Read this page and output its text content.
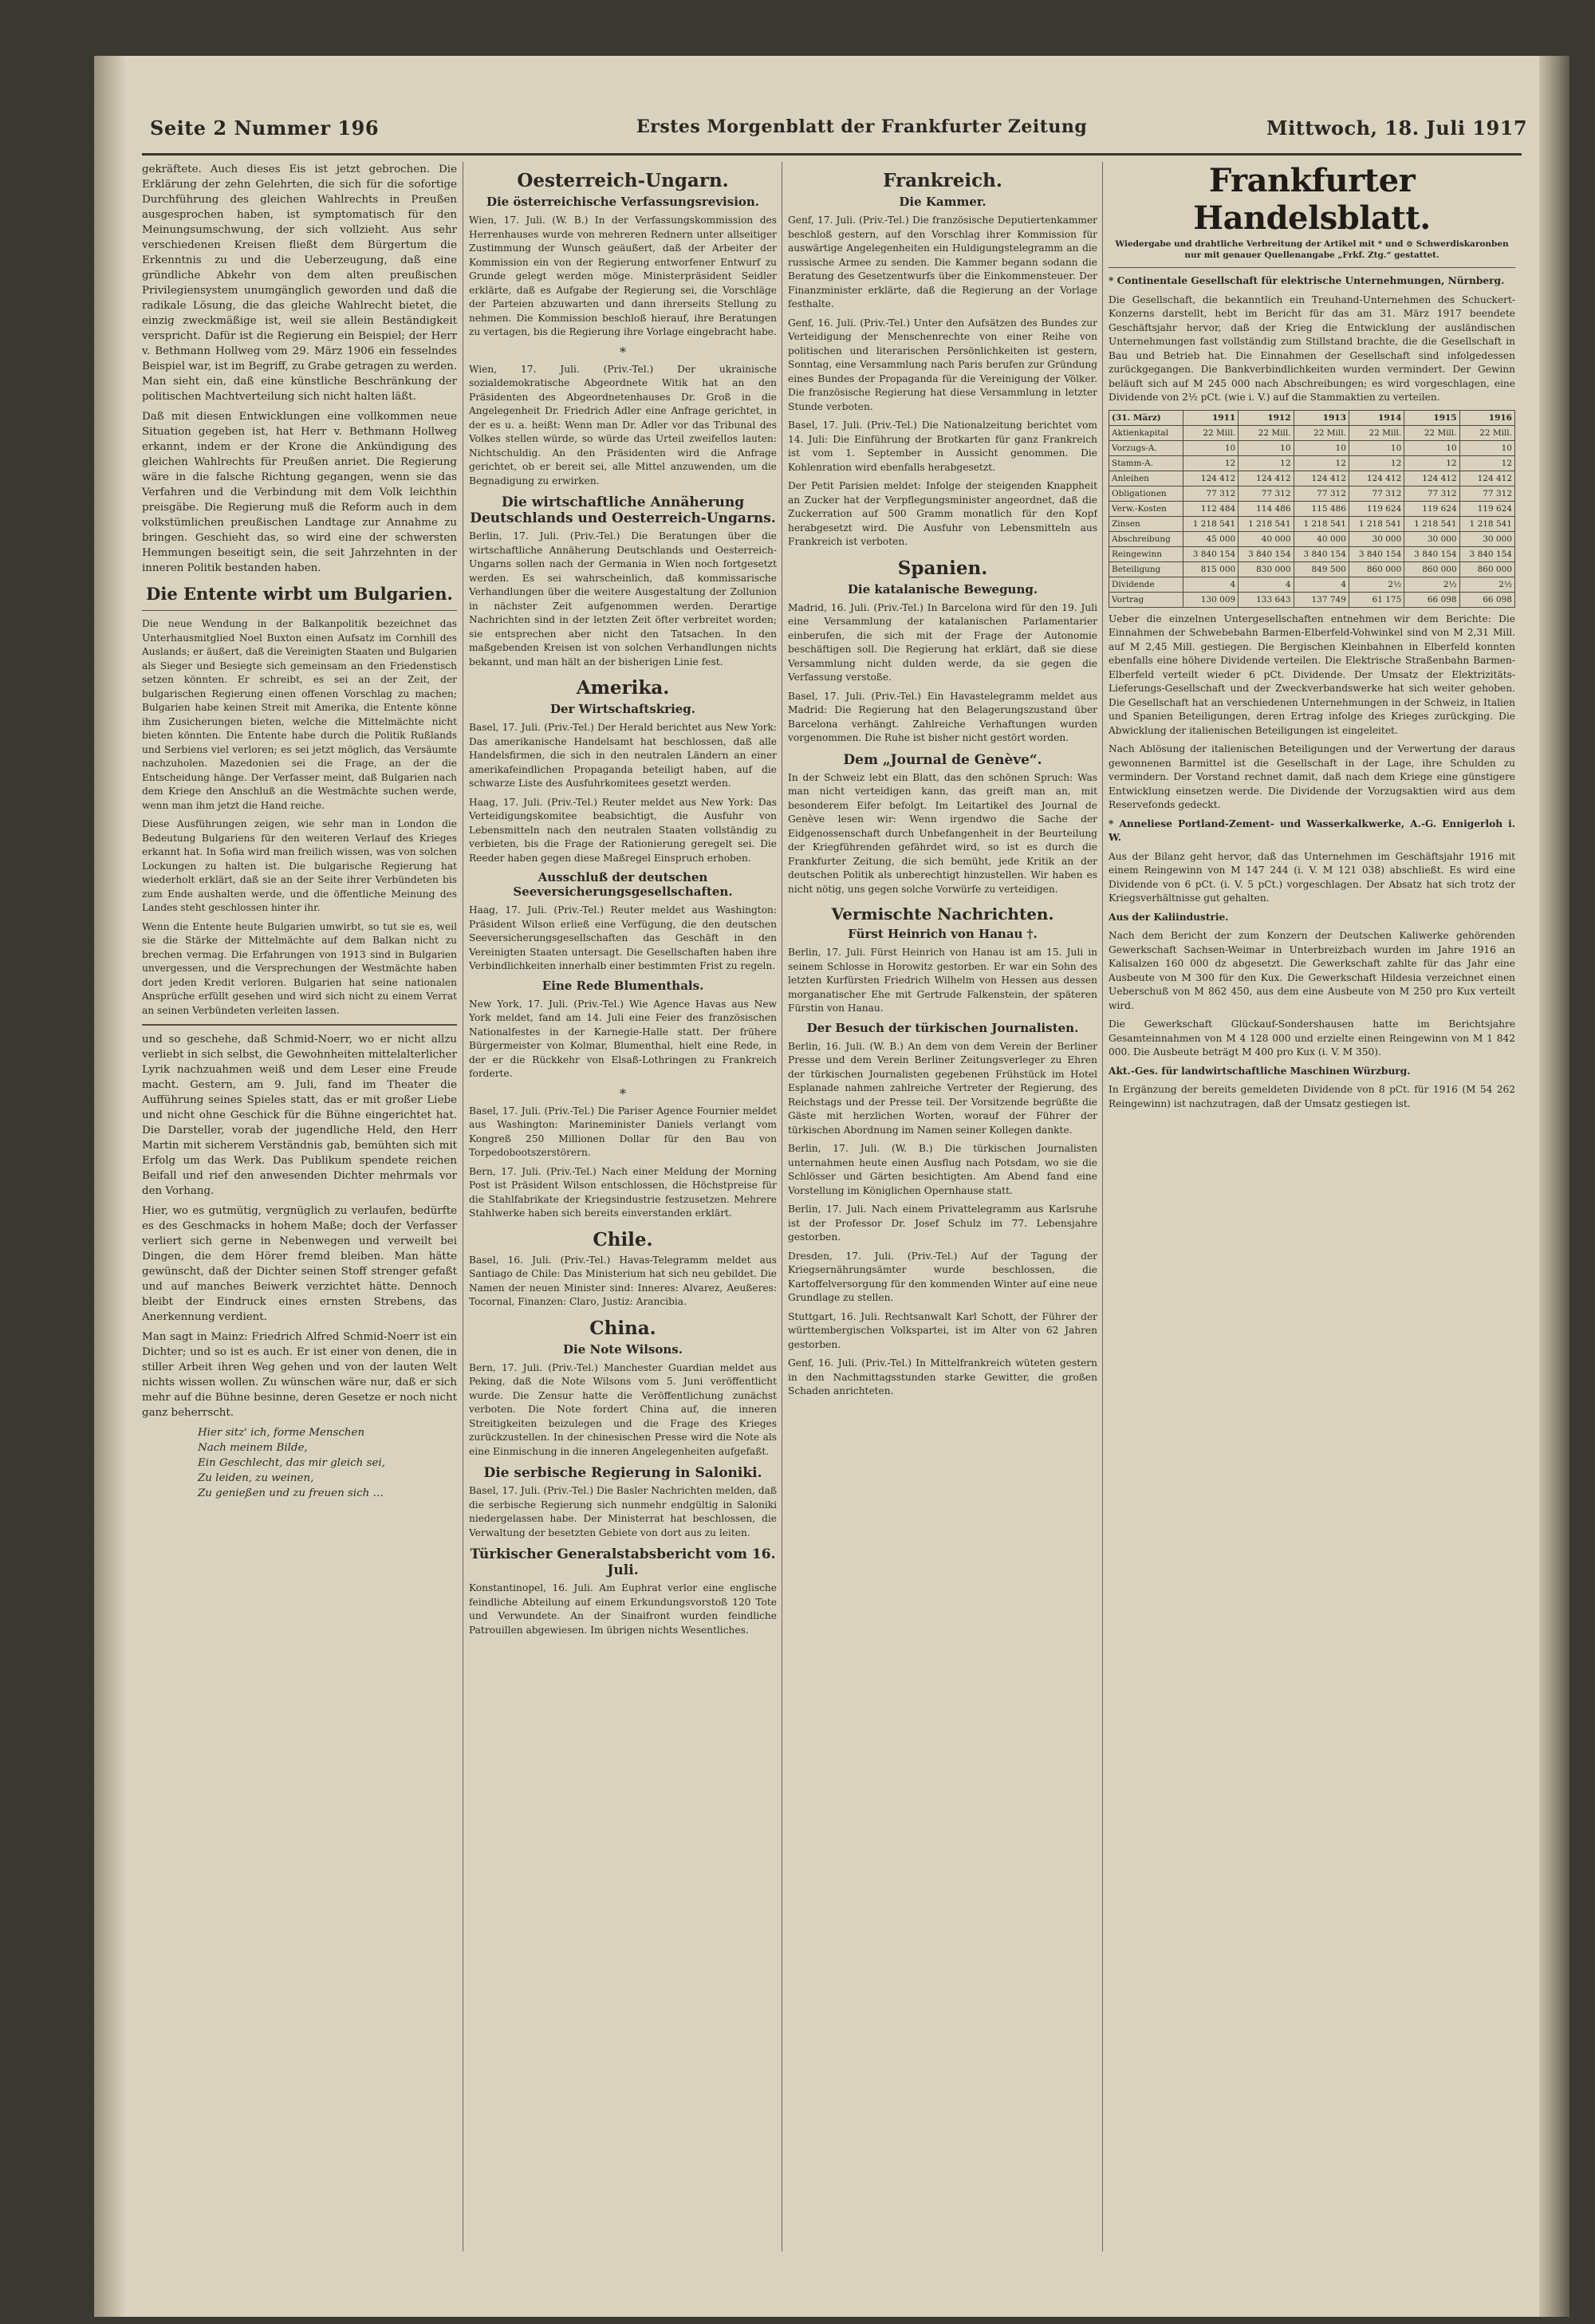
Seite 2 Nummer 196	Erstes Morgenblatt der Frankfurter Zeitung	Mittwoch, 18. Juli 1917

gekräftete. Auch dieses Eis ist jetzt gebrochen. Die Erklärung der zehn Gelehrten, die sich für die sofortige Durchführung des gleichen Wahlrechts in Preußen ausgesprochen haben, ist symptomatisch für den Meinungsumschwung, der sich vollzieht. Aus sehr verschiedenen Kreisen fließt dem Bürgertum die Erkenntnis zu und die Ueberzeugung, daß eine gründliche Abkehr von dem alten preußischen Privilegiensystem unumgänglich geworden und daß die radikale Lösung, die das gleiche Wahlrecht bietet, die einzig zweckmäßige ist, weil sie allein Beständigkeit verspricht. Dafür ist die Regierung ein Beispiel; der Herr v. Bethmann Hollweg vom 29. März 1906 ein fesselndes Beispiel war, ist im Begriff, zu Grabe getragen zu werden. Man sieht ein, daß eine künstliche Beschränkung der politischen Machtverteilung sich nicht halten läßt.

Daß mit diesen Entwicklungen eine vollkommen neue Situation gegeben ist, hat Herr v. Bethmann Hollweg erkannt, indem er der Krone die Ankündigung des gleichen Wahlrechts für Preußen anriet. Die Regierung wäre in die falsche Richtung gegangen, wenn sie das Verfahren und die Verbindung mit dem Volk leichthin preisgäbe. Die Regierung muß die Reform auch in dem volkstümlichen preußischen Landtage zur Annahme zu bringen. Geschieht das, so wird eine der schwersten Hemmungen beseitigt sein, die seit Jahrzehnten in der inneren Politik bestanden haben.

Die Entente wirbt um Bulgarien.

Die neue Wendung in der Balkanpolitik bezeichnet das Unterhausmitglied Noel Buxton einen Aufsatz im Cornhill des Auslands; er äußert, daß die Vereinigten Staaten und Bulgarien als Sieger und Besiegte sich gemeinsam an den Friedenstisch setzen könnten. Er schreibt, es sei an der Zeit, der bulgarischen Regierung einen offenen Vorschlag zu machen; Bulgarien habe keinen Streit mit Amerika, die Entente könne ihm Zusicherungen bieten, welche die Mittelmächte nicht bieten könnten. Die Entente habe durch die Politik Rußlands und Serbiens viel verloren; es sei jetzt möglich, das Versäumte nachzuholen. Mazedonien sei die Frage, an der die Entscheidung hänge. Der Verfasser meint, daß Bulgarien nach dem Kriege den Anschluß an die Westmächte suchen werde, wenn man ihm jetzt die Hand reiche.

Diese Ausführungen zeigen, wie sehr man in London die Bedeutung Bulgariens für den weiteren Verlauf des Krieges erkannt hat. In Sofia wird man freilich wissen, was von solchen Lockungen zu halten ist. Die bulgarische Regierung hat wiederholt erklärt, daß sie an der Seite ihrer Verbündeten bis zum Ende aushalten werde, und die öffentliche Meinung des Landes steht geschlossen hinter ihr.

Wenn die Entente heute Bulgarien umwirbt, so tut sie es, weil sie die Stärke der Mittelmächte auf dem Balkan nicht zu brechen vermag. Die Erfahrungen von 1913 sind in Bulgarien unvergessen, und die Versprechungen der Westmächte haben dort jeden Kredit verloren. Bulgarien hat seine nationalen Ansprüche erfüllt gesehen und wird sich nicht zu einem Verrat an seinen Verbündeten verleiten lassen.

und so geschehe, daß Schmid-Noerr, wo er nicht allzu verliebt in sich selbst, die Gewohnheiten mittelalterlicher Lyrik nachzuahmen weiß und dem Leser eine Freude macht. Gestern, am 9. Juli, fand im Theater die Aufführung seines Spieles statt, das er mit großer Liebe und nicht ohne Geschick für die Bühne eingerichtet hat. Die Darsteller, vorab der jugendliche Held, den Herr Martin mit sicherem Verständnis gab, bemühten sich mit Erfolg um das Werk. Das Publikum spendete reichen Beifall und rief den anwesenden Dichter mehrmals vor den Vorhang.

Hier, wo es gutmütig, vergnüglich zu verlaufen, bedürfte es des Geschmacks in hohem Maße; doch der Verfasser verliert sich gerne in Nebenwegen und verweilt bei Dingen, die dem Hörer fremd bleiben. Man hätte gewünscht, daß der Dichter seinen Stoff strenger gefaßt und auf manches Beiwerk verzichtet hätte. Dennoch bleibt der Eindruck eines ernsten Strebens, das Anerkennung verdient.

Man sagt in Mainz: Friedrich Alfred Schmid-Noerr ist ein Dichter; und so ist es auch. Er ist einer von denen, die in stiller Arbeit ihren Weg gehen und von der lauten Welt nichts wissen wollen. Zu wünschen wäre nur, daß er sich mehr auf die Bühne besinne, deren Gesetze er noch nicht ganz beherrscht.

Hier sitz' ich, forme Menschen
Nach meinem Bilde,
Ein Geschlecht, das mir gleich sei,
Zu leiden, zu weinen,
Zu genießen und zu freuen sich …
Oesterreich-Ungarn.
Die österreichische Verfassungsrevision.

Wien, 17. Juli. (W. B.) In der Verfassungskommission des Herrenhauses wurde von mehreren Rednern unter allseitiger Zustimmung der Wunsch geäußert, daß der Arbeiter der Kommission ein von der Regierung entworfener Entwurf zu Grunde gelegt werden möge. Ministerpräsident Seidler erklärte, daß es Aufgabe der Regierung sei, die Vorschläge der Parteien abzuwarten und dann ihrerseits Stellung zu nehmen. Die Kommission beschloß hierauf, ihre Beratungen zu vertagen, bis die Regierung ihre Vorlage eingebracht habe.

*

Wien, 17. Juli. (Priv.-Tel.) Der ukrainische sozialdemokratische Abgeordnete Witik hat an den Präsidenten des Abgeordnetenhauses Dr. Groß in die Angelegenheit Dr. Friedrich Adler eine Anfrage gerichtet, in der es u. a. heißt: Wenn man Dr. Adler vor das Tribunal des Volkes stellen würde, so würde das Urteil zweifellos lauten: Nichtschuldig. An den Präsidenten wird die Anfrage gerichtet, ob er bereit sei, alle Mittel anzuwenden, um die Begnadigung zu erwirken.

Die wirtschaftliche Annäherung Deutschlands und Oesterreich-Ungarns.

Berlin, 17. Juli. (Priv.-Tel.) Die Beratungen über die wirtschaftliche Annäherung Deutschlands und Oesterreich-Ungarns sollen nach der Germania in Wien noch fortgesetzt werden. Es sei wahrscheinlich, daß kommissarische Verhandlungen über die weitere Ausgestaltung der Zollunion in nächster Zeit aufgenommen werden. Derartige Nachrichten sind in der letzten Zeit öfter verbreitet worden; sie entsprechen aber nicht den Tatsachen. In den maßgebenden Kreisen ist von solchen Verhandlungen nichts bekannt, und man hält an der bisherigen Linie fest.

Amerika.
Der Wirtschaftskrieg.

Basel, 17. Juli. (Priv.-Tel.) Der Herald berichtet aus New York: Das amerikanische Handelsamt hat beschlossen, daß alle Handelsfirmen, die sich in den neutralen Ländern an einer amerikafeindlichen Propaganda beteiligt haben, auf die schwarze Liste des Ausfuhrkomitees gesetzt werden.

Haag, 17. Juli. (Priv.-Tel.) Reuter meldet aus New York: Das Verteidigungskomitee beabsichtigt, die Ausfuhr von Lebensmitteln nach den neutralen Staaten vollständig zu verbieten, bis die Frage der Rationierung geregelt sei. Die Reeder haben gegen diese Maßregel Einspruch erhoben.

Ausschluß der deutschen Seeversicherungsgesellschaften.

Haag, 17. Juli. (Priv.-Tel.) Reuter meldet aus Washington: Präsident Wilson erließ eine Verfügung, die den deutschen Seeversicherungsgesellschaften das Geschäft in den Vereinigten Staaten untersagt. Die Gesellschaften haben ihre Verbindlichkeiten innerhalb einer bestimmten Frist zu regeln.

Eine Rede Blumenthals.

New York, 17. Juli. (Priv.-Tel.) Wie Agence Havas aus New York meldet, fand am 14. Juli eine Feier des französischen Nationalfestes in der Karnegie-Halle statt. Der frühere Bürgermeister von Kolmar, Blumenthal, hielt eine Rede, in der er die Rückkehr von Elsaß-Lothringen zu Frankreich forderte.

*

Basel, 17. Juli. (Priv.-Tel.) Die Pariser Agence Fournier meldet aus Washington: Marineminister Daniels verlangt vom Kongreß 250 Millionen Dollar für den Bau von Torpedobootszerstörern.

Bern, 17. Juli. (Priv.-Tel.) Nach einer Meldung der Morning Post ist Präsident Wilson entschlossen, die Höchstpreise für die Stahlfabrikate der Kriegsindustrie festzusetzen. Mehrere Stahlwerke haben sich bereits einverstanden erklärt.

Chile.

Basel, 16. Juli. (Priv.-Tel.) Havas-Telegramm meldet aus Santiago de Chile: Das Ministerium hat sich neu gebildet. Die Namen der neuen Minister sind: Inneres: Alvarez, Aeußeres: Tocornal, Finanzen: Claro, Justiz: Arancibia.

China.
Die Note Wilsons.

Bern, 17. Juli. (Priv.-Tel.) Manchester Guardian meldet aus Peking, daß die Note Wilsons vom 5. Juni veröffentlicht wurde. Die Zensur hatte die Veröffentlichung zunächst verboten. Die Note fordert China auf, die inneren Streitigkeiten beizulegen und die Frage des Krieges zurückzustellen. In der chinesischen Presse wird die Note als eine Einmischung in die inneren Angelegenheiten aufgefaßt.

Die serbische Regierung in Saloniki.

Basel, 17. Juli. (Priv.-Tel.) Die Basler Nachrichten melden, daß die serbische Regierung sich nunmehr endgültig in Saloniki niedergelassen habe. Der Ministerrat hat beschlossen, die Verwaltung der besetzten Gebiete von dort aus zu leiten.

Türkischer Generalstabsbericht vom 16. Juli.

Konstantinopel, 16. Juli. Am Euphrat verlor eine englische feindliche Abteilung auf einem Erkundungsvorstoß 120 Tote und Verwundete. An der Sinaifront wurden feindliche Patrouillen abgewiesen. Im übrigen nichts Wesentliches.

Frankreich.
Die Kammer.

Genf, 17. Juli. (Priv.-Tel.) Die französische Deputiertenkammer beschloß gestern, auf den Vorschlag ihrer Kommission für auswärtige Angelegenheiten ein Huldigungstelegramm an die russische Armee zu senden. Die Kammer begann sodann die Beratung des Gesetzentwurfs über die Einkommensteuer. Der Finanzminister erklärte, daß die Regierung an der Vorlage festhalte.

Genf, 16. Juli. (Priv.-Tel.) Unter den Aufsätzen des Bundes zur Verteidigung der Menschenrechte von einer Reihe von politischen und literarischen Persönlichkeiten ist gestern, Sonntag, eine Versammlung nach Paris berufen zur Gründung eines Bundes der Propaganda für die Vereinigung der Völker. Die französische Regierung hat diese Versammlung in letzter Stunde verboten.

Basel, 17. Juli. (Priv.-Tel.) Die Nationalzeitung berichtet vom 14. Juli: Die Einführung der Brotkarten für ganz Frankreich ist vom 1. September in Aussicht genommen. Die Kohlenration wird ebenfalls herabgesetzt.

Der Petit Parisien meldet: Infolge der steigenden Knappheit an Zucker hat der Verpflegungsminister angeordnet, daß die Zuckerration auf 500 Gramm monatlich für den Kopf herabgesetzt wird. Die Ausfuhr von Lebensmitteln aus Frankreich ist verboten.

Spanien.
Die katalanische Bewegung.

Madrid, 16. Juli. (Priv.-Tel.) In Barcelona wird für den 19. Juli eine Versammlung der katalanischen Parlamentarier einberufen, die sich mit der Frage der Autonomie beschäftigen soll. Die Regierung hat erklärt, daß sie diese Versammlung nicht dulden werde, da sie gegen die Verfassung verstoße.

Basel, 17. Juli. (Priv.-Tel.) Ein Havastelegramm meldet aus Madrid: Die Regierung hat den Belagerungszustand über Barcelona verhängt. Zahlreiche Verhaftungen wurden vorgenommen. Die Ruhe ist bisher nicht gestört worden.

Dem „Journal de Genève“.

In der Schweiz lebt ein Blatt, das den schönen Spruch: Was man nicht verteidigen kann, das greift man an, mit besonderem Eifer befolgt. Im Leitartikel des Journal de Genève lesen wir: Wenn irgendwo die Sache der Eidgenossenschaft durch Unbefangenheit in der Beurteilung der Kriegführenden gefährdet wird, so ist es durch die Frankfurter Zeitung, die sich bemüht, jede Kritik an der deutschen Politik als unberechtigt hinzustellen. Wir haben es nicht nötig, uns gegen solche Vorwürfe zu verteidigen.

Vermischte Nachrichten.
Fürst Heinrich von Hanau †.

Berlin, 17. Juli. Fürst Heinrich von Hanau ist am 15. Juli in seinem Schlosse in Horowitz gestorben. Er war ein Sohn des letzten Kurfürsten Friedrich Wilhelm von Hessen aus dessen morganatischer Ehe mit Gertrude Falkenstein, der späteren Fürstin von Hanau.

Der Besuch der türkischen Journalisten.

Berlin, 16. Juli. (W. B.) An dem von dem Verein der Berliner Presse und dem Verein Berliner Zeitungsverleger zu Ehren der türkischen Journalisten gegebenen Frühstück im Hotel Esplanade nahmen zahlreiche Vertreter der Regierung, des Reichstags und der Presse teil. Der Vorsitzende begrüßte die Gäste mit herzlichen Worten, worauf der Führer der türkischen Abordnung im Namen seiner Kollegen dankte.

Berlin, 17. Juli. (W. B.) Die türkischen Journalisten unternahmen heute einen Ausflug nach Potsdam, wo sie die Schlösser und Gärten besichtigten. Am Abend fand eine Vorstellung im Königlichen Opernhause statt.

Berlin, 17. Juli. Nach einem Privattelegramm aus Karlsruhe ist der Professor Dr. Josef Schulz im 77. Lebensjahre gestorben.

Dresden, 17. Juli. (Priv.-Tel.) Auf der Tagung der Kriegsernährungsämter wurde beschlossen, die Kartoffelversorgung für den kommenden Winter auf eine neue Grundlage zu stellen.

Stuttgart, 16. Juli. Rechtsanwalt Karl Schott, der Führer der württembergischen Volkspartei, ist im Alter von 62 Jahren gestorben.

Genf, 16. Juli. (Priv.-Tel.) In Mittelfrankreich wüteten gestern in den Nachmittagsstunden starke Gewitter, die großen Schaden anrichteten.

Frankfurter Handelsblatt.
Wiedergabe und drahtliche Verbreitung der Artikel mit * und ⊙ Schwerdiskaronben nur mit genauer Quellenangabe „Frkf. Ztg.“ gestattet.

* Continentale Gesellschaft für elektrische Unternehmungen, Nürnberg.

Die Gesellschaft, die bekanntlich ein Treuhand-Unternehmen des Schuckert-Konzerns darstellt, hebt im Bericht für das am 31. März 1917 beendete Geschäftsjahr hervor, daß der Krieg die Entwicklung der ausländischen Unternehmungen fast vollständig zum Stillstand brachte, die die Gesellschaft in Bau und Betrieb hat. Die Einnahmen der Gesellschaft sind infolgedessen zurückgegangen. Die Bankverbindlichkeiten wurden vermindert. Der Gewinn beläuft sich auf M 245 000 nach Abschreibungen; es wird vorgeschlagen, eine Dividende von 2½ pCt. (wie i. V.) auf die Stammaktien zu verteilen.

(31. März)	1911	1912	1913	1914	1915	1916
Aktienkapital	22 Mill.	22 Mill.	22 Mill.	22 Mill.	22 Mill.	22 Mill.
Vorzugs-A.	10	10	10	10	10	10
Stamm-A.	12	12	12	12	12	12
Anleihen	124 412	124 412	124 412	124 412	124 412	124 412
Obligationen	77 312	77 312	77 312	77 312	77 312	77 312
Verw.-Kosten	112 484	114 486	115 486	119 624	119 624	119 624
Zinsen	1 218 541	1 218 541	1 218 541	1 218 541	1 218 541	1 218 541
Abschreibung	45 000	40 000	40 000	30 000	30 000	30 000
Reingewinn	3 840 154	3 840 154	3 840 154	3 840 154	3 840 154	3 840 154
Beteiligung	815 000	830 000	849 500	860 000	860 000	860 000
Dividende	4	4	4	2½	2½	2½
Vortrag	130 009	133 643	137 749	61 175	66 098	66 098

Ueber die einzelnen Untergesellschaften entnehmen wir dem Berichte: Die Einnahmen der Schwebebahn Barmen-Elberfeld-Vohwinkel sind von M 2,31 Mill. auf M 2,45 Mill. gestiegen. Die Bergischen Kleinbahnen in Elberfeld konnten ebenfalls eine höhere Dividende verteilen. Die Elektrische Straßenbahn Barmen-Elberfeld verteilt wieder 6 pCt. Dividende. Der Umsatz der Elektrizitäts-Lieferungs-Gesellschaft und der Zweckverbandswerke hat sich weiter gehoben. Die Gesellschaft hat an verschiedenen Unternehmungen in der Schweiz, in Italien und Spanien Beteiligungen, deren Ertrag infolge des Krieges zurückging. Die Abwicklung der italienischen Beteiligungen ist eingeleitet.

Nach Ablösung der italienischen Beteiligungen und der Verwertung der daraus gewonnenen Barmittel ist die Gesellschaft in der Lage, ihre Schulden zu vermindern. Der Vorstand rechnet damit, daß nach dem Kriege eine günstigere Entwicklung einsetzen werde. Die Dividende der Vorzugsaktien wird aus dem Reservefonds gedeckt.

* Anneliese Portland-Zement- und Wasserkalkwerke, A.-G. Ennigerloh i. W.

Aus der Bilanz geht hervor, daß das Unternehmen im Geschäftsjahr 1916 mit einem Reingewinn von M 147 244 (i. V. M 121 038) abschließt. Es wird eine Dividende von 6 pCt. (i. V. 5 pCt.) vorgeschlagen. Der Absatz hat sich trotz der Kriegsverhältnisse gut gehalten.

Aus der Kaliindustrie.

Nach dem Bericht der zum Konzern der Deutschen Kaliwerke gehörenden Gewerkschaft Sachsen-Weimar in Unterbreizbach wurden im Jahre 1916 an Kalisalzen 160 000 dz abgesetzt. Die Gewerkschaft zahlte für das Jahr eine Ausbeute von M 300 für den Kux. Die Gewerkschaft Hildesia verzeichnet einen Ueberschuß von M 862 450, aus dem eine Ausbeute von M 250 pro Kux verteilt wird.

Die Gewerkschaft Glückauf-Sondershausen hatte im Berichtsjahre Gesamteinnahmen von M 4 128 000 und erzielte einen Reingewinn von M 1 842 000. Die Ausbeute beträgt M 400 pro Kux (i. V. M 350).

Akt.-Ges. für landwirtschaftliche Maschinen Würzburg.

In Ergänzung der bereits gemeldeten Dividende von 8 pCt. für 1916 (M 54 262 Reingewinn) ist nachzutragen, daß der Umsatz gestiegen ist.
